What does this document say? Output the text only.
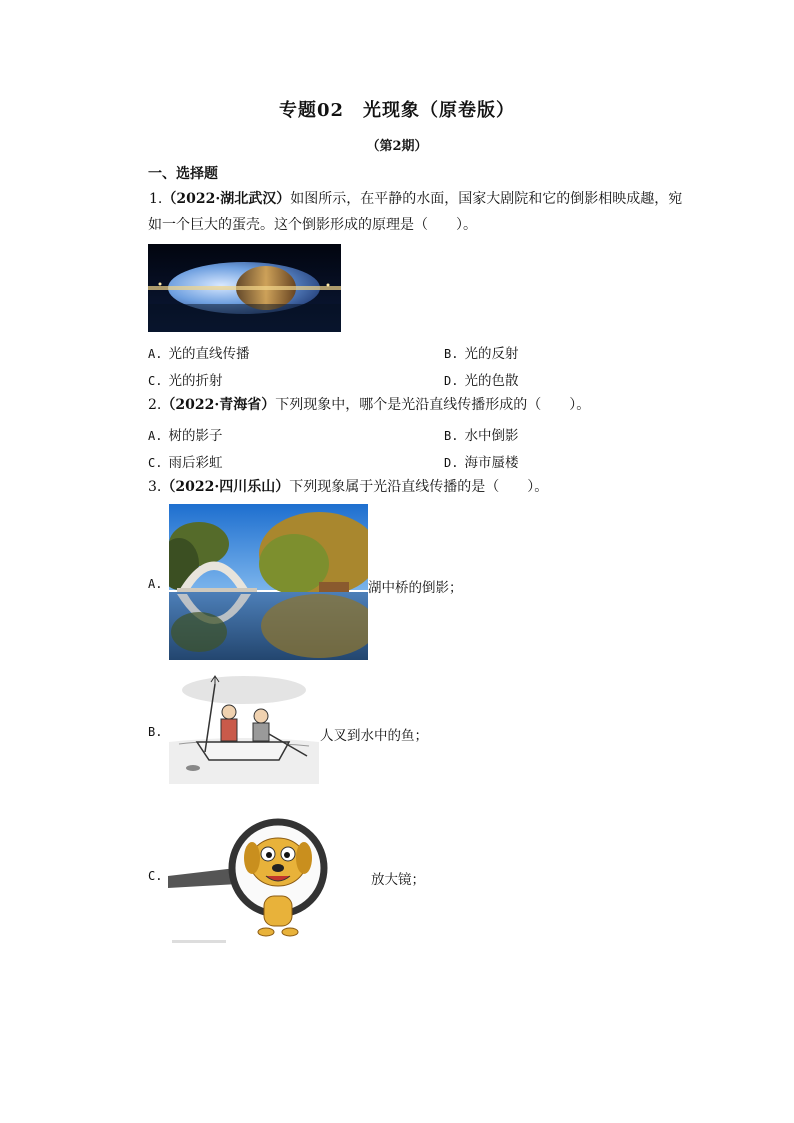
专题02　光现象（原卷版）
（第2期）
一、选择题
1.（2022·湖北武汉）如图所示，在平静的水面，国家大剧院和它的倒影相映成趣，宛
如一个巨大的蛋壳。这个倒影形成的原理是（　　）。
A. 光的直线传播	B. 光的反射
C. 光的折射	D. 光的色散
2.（2022·青海省）下列现象中，哪个是光沿直线传播形成的（　　）。
A. 树的影子	B. 水中倒影
C. 雨后彩虹	D. 海市蜃楼
3.（2022·四川乐山）下列现象属于光沿直线传播的是（　　）。
A.	湖中桥的倒影；
B.	人叉到水中的鱼；
C.	放大镜；
